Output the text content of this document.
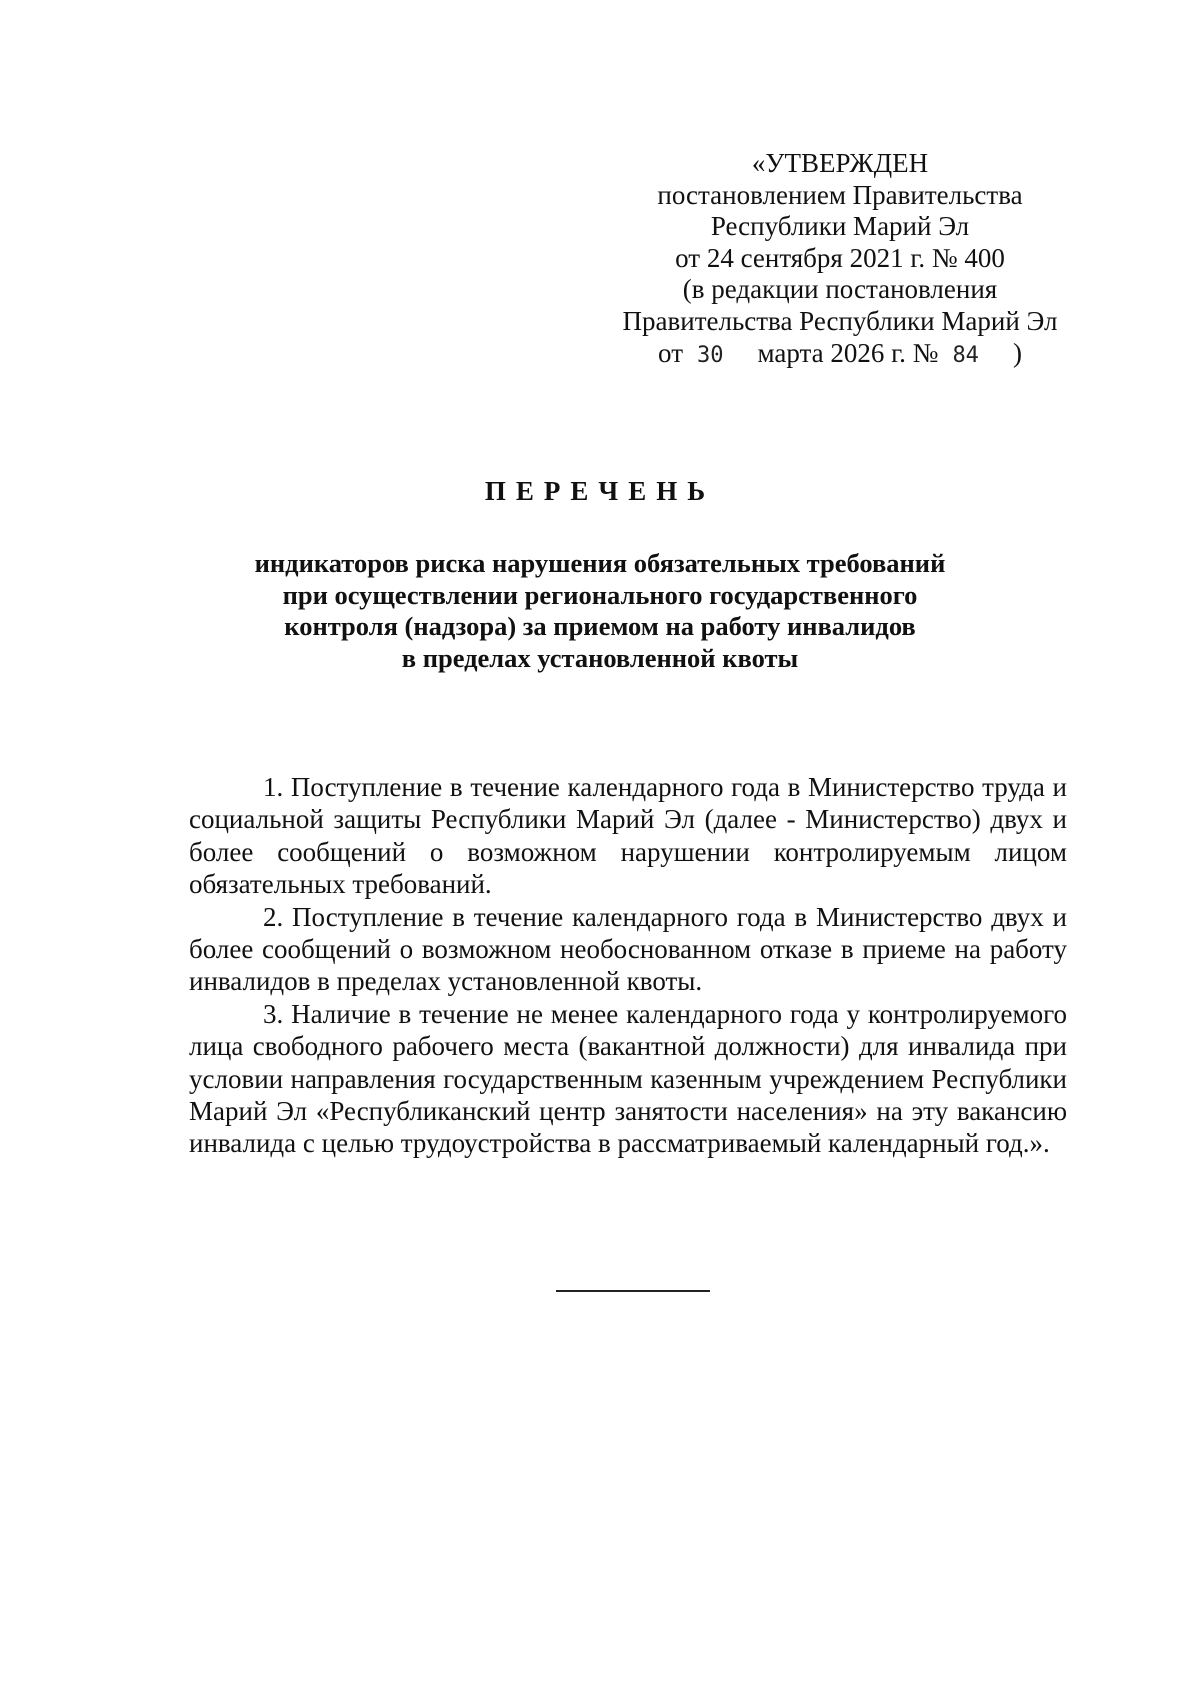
«УТВЕРЖДЕН
постановлением Правительства
Республики Марий Эл
от 24 сентября 2021 г. № 400
(в редакции постановления
Правительства Республики Марий Эл
от 30 марта 2026 г. № 84 )
ПЕРЕЧЕНЬ
индикаторов риска нарушения обязательных требований
при осуществлении регионального государственного
контроля (надзора) за приемом на работу инвалидов
в пределах установленной квоты

1. Поступление в течение календарного года в Министерство труда и социальной защиты Республики Марий Эл (далее - Министерство) двух и более сообщений о возможном нарушении контролируемым лицом обязательных требований.

2. Поступление в течение календарного года в Министерство двух и более сообщений о возможном необоснованном отказе в приеме на работу инвалидов в пределах установленной квоты.

3. Наличие в течение не менее календарного года у контролируемого лица свободного рабочего места (вакантной должности) для инвалида при условии направления государственным казенным учреждением Республики Марий Эл «Республиканский центр занятости населения» на эту вакансию инвалида с целью трудоустройства в рассматриваемый календарный год.».
